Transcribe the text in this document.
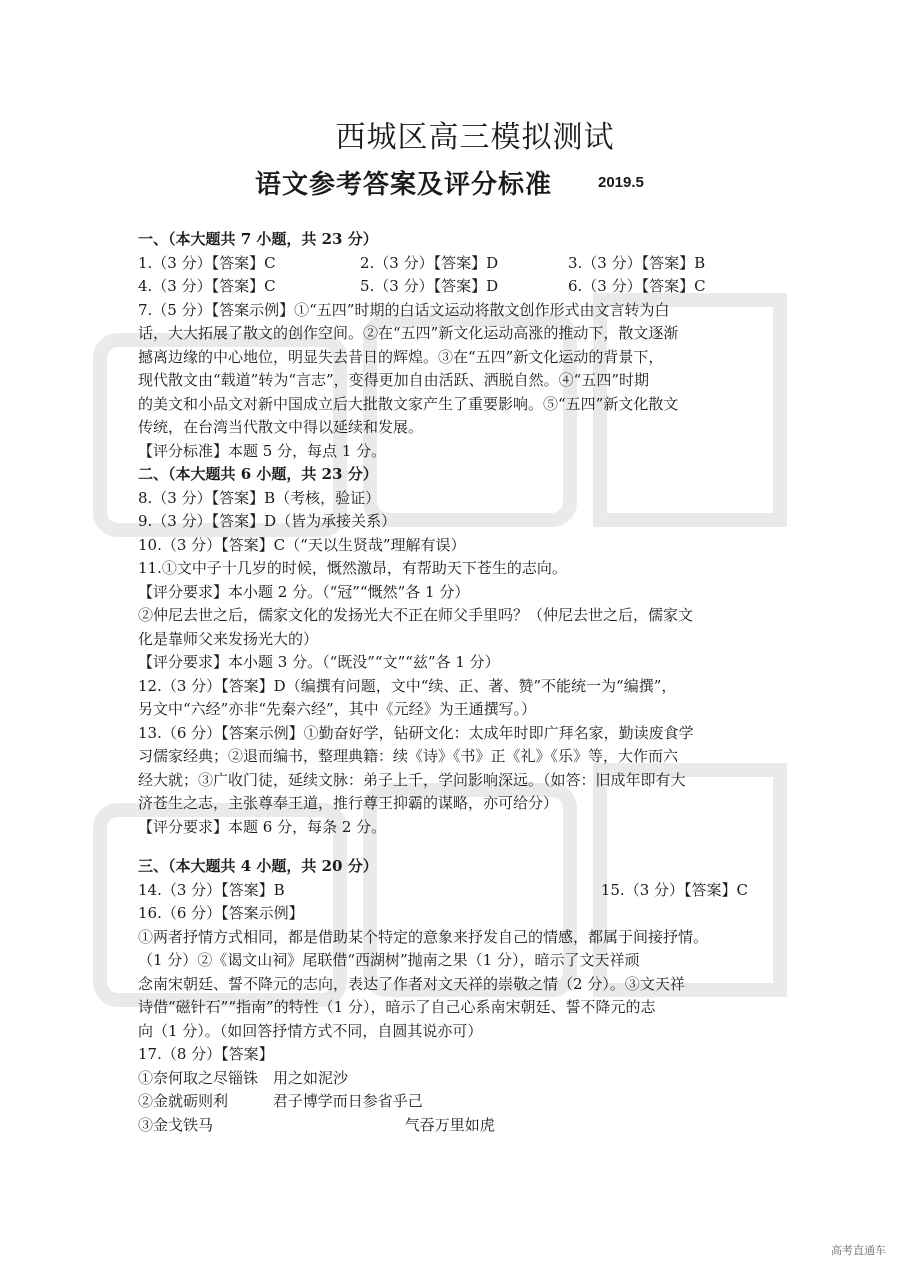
西城区高三模拟测试
语文参考答案及评分标准	2019.5
一、（本大题共 7 小题，共 23 分）
1.（3 分）【答案】C	2.（3 分）【答案】D	3.（3 分）【答案】B
4.（3 分）【答案】C	5.（3 分）【答案】D	6.（3 分）【答案】C
7.（5 分）【答案示例】①“五四”时期的白话文运动将散文创作形式由文言转为白
话，大大拓展了散文的创作空间。②在“五四”新文化运动高涨的推动下，散文逐渐
撼离边缘的中心地位，明显失去昔日的辉煌。③在“五四”新文化运动的背景下，
现代散文由“载道”转为“言志”，变得更加自由活跃、洒脱自然。④“五四”时期
的美文和小品文对新中国成立后大批散文家产生了重要影响。⑤“五四”新文化散文
传统，在台湾当代散文中得以延续和发展。
【评分标准】本题 5 分，每点 1 分。
二、（本大题共 6 小题，共 23 分）
8.（3 分）【答案】B（考核，验证）
9.（3 分）【答案】D（皆为承接关系）
10.（3 分）【答案】C（“天以生贤哉”理解有误）
11.①文中子十几岁的时候，慨然激昂，有帮助天下苍生的志向。
【评分要求】本小题 2 分。（“冠”“慨然”各 1 分）
②仲尼去世之后，儒家文化的发扬光大不正在师父手里吗？（仲尼去世之后，儒家文
化是靠师父来发扬光大的）
【评分要求】本小题 3 分。（“既没”“文”“兹”各 1 分）
12.（3 分）【答案】D（编撰有问题，文中“续、正、著、赞”不能统一为“编撰”，
另文中“六经”亦非“先秦六经”，其中《元经》为王通撰写。）
13.（6 分）【答案示例】①勤奋好学，钻研文化：太成年时即广拜名家，勤读废食学
习儒家经典；②退而编书，整理典籍：续《诗》《书》正《礼》《乐》等，大作而六
经大就；③广收门徒，延续文脉：弟子上千，学问影响深远。（如答：旧成年即有大
济苍生之志，主张尊奉王道，推行尊王抑霸的谋略，亦可给分）
【评分要求】本题 6 分，每条 2 分。
三、（本大题共 4 小题，共 20 分）
14.（3 分）【答案】B	15.（3 分）【答案】C
16.（6 分）【答案示例】
①两者抒情方式相同，都是借助某个特定的意象来抒发自己的情感，都属于间接抒情。
（1 分）②《谒文山祠》尾联借“西湖树”抛南之果（1 分），暗示了文天祥顽
念南宋朝廷、誓不降元的志向，表达了作者对文天祥的崇敬之情（2 分）。③文天祥
诗借“磁针石”“指南”的特性（1 分），暗示了自己心系南宋朝廷、誓不降元的志
向（1 分）。（如回答抒情方式不同，自圆其说亦可）
17.（8 分）【答案】
①奈何取之尽锱铢　用之如泥沙
②金就砺则利	君子博学而日参省乎己
③金戈铁马	气吞万里如虎
高考直通车
